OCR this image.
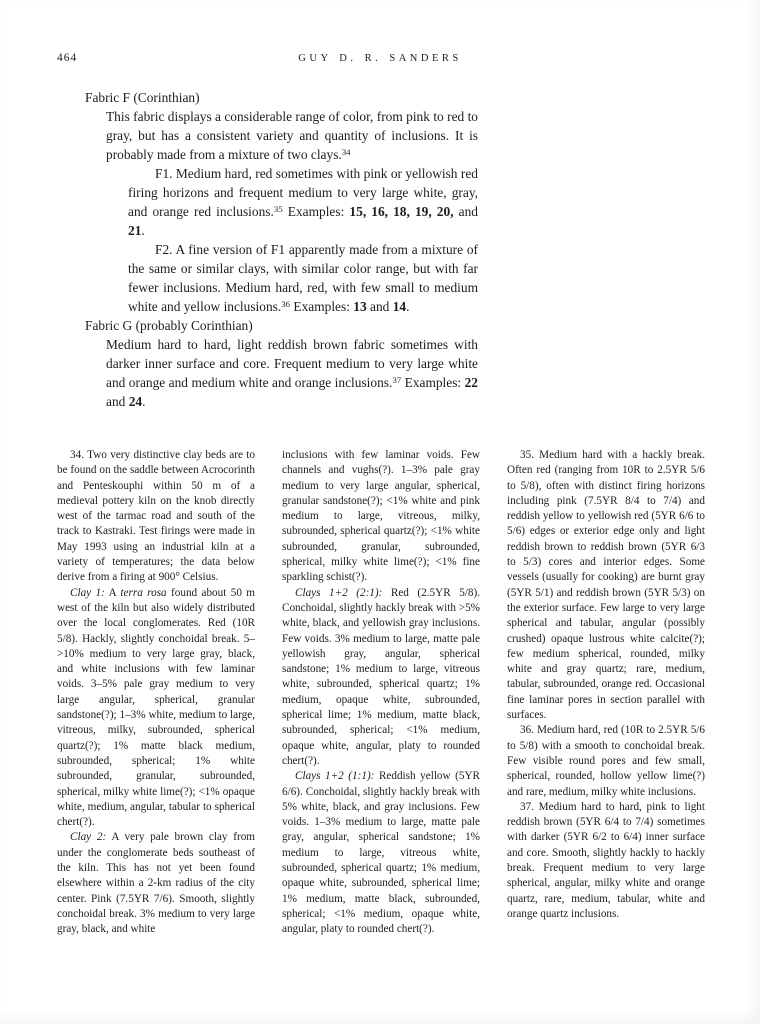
464	GUY D. R. SANDERS

Fabric F (Corinthian)

This fabric displays a considerable range of color, from pink to red to gray, but has a consistent variety and quantity of inclusions. It is probably made from a mixture of two clays.$^{34}$

F1. Medium hard, red sometimes with pink or yellowish red firing horizons and frequent medium to very large white, gray, and orange red inclusions.$^{35}$ Examples: 15, 16, 18, 19, 20, and 21.

F2. A fine version of F1 apparently made from a mixture of the same or similar clays, with similar color range, but with far fewer inclusions. Medium hard, red, with few small to medium white and yellow inclusions.$^{36}$ Examples: 13 and 14.

Fabric G (probably Corinthian)

Medium hard to hard, light reddish brown fabric sometimes with darker inner surface and core. Frequent medium to very large white and orange and medium white and orange inclusions.$^{37}$ Examples: 22 and 24.

34. Two very distinctive clay beds are to be found on the saddle between Acrocorinth and Penteskouphi within 50 m of a medieval pottery kiln on the knob directly west of the tarmac road and south of the track to Kastraki. Test firings were made in May 1993 using an industrial kiln at a variety of temperatures; the data below derive from a firing at 900° Celsius.

Clay 1: A terra rosa found about 50 m west of the kiln but also widely distributed over the local conglomerates. Red (10R 5/8). Hackly, slightly conchoidal break. 5–>10% medium to very large gray, black, and white inclusions with few laminar voids. 3–5% pale gray medium to very large angular, spherical, granular sandstone(?); 1–3% white, medium to large, vitreous, milky, subrounded, spherical quartz(?); 1% matte black medium, subrounded, spherical; 1% white subrounded, granular, subrounded, spherical, milky white lime(?); <1% opaque white, medium, angular, tabular to spherical chert(?).

Clay 2: A very pale brown clay from under the conglomerate beds southeast of the kiln. This has not yet been found elsewhere within a 2-km radius of the city center. Pink (7.5YR 7/6). Smooth, slightly conchoidal break. 3% medium to very large gray, black, and white

inclusions with few laminar voids. Few channels and vughs(?). 1–3% pale gray medium to very large angular, spherical, granular sandstone(?); <1% white and pink medium to large, vitreous, milky, subrounded, spherical quartz(?); <1% white subrounded, granular, subrounded, spherical, milky white lime(?); <1% fine sparkling schist(?).

Clays 1+2 (2:1): Red (2.5YR 5/8). Conchoidal, slightly hackly break with >5% white, black, and yellowish gray inclusions. Few voids. 3% medium to large, matte pale yellowish gray, angular, spherical sandstone; 1% medium to large, vitreous white, subrounded, spherical quartz; 1% medium, opaque white, subrounded, spherical lime; 1% medium, matte black, subrounded, spherical; <1% medium, opaque white, angular, platy to rounded chert(?).

Clays 1+2 (1:1): Reddish yellow (5YR 6/6). Conchoidal, slightly hackly break with 5% white, black, and gray inclusions. Few voids. 1–3% medium to large, matte pale gray, angular, spherical sandstone; 1% medium to large, vitreous white, subrounded, spherical quartz; 1% medium, opaque white, subrounded, spherical lime; 1% medium, matte black, subrounded, spherical; <1% medium, opaque white, angular, platy to rounded chert(?).

35. Medium hard with a hackly break. Often red (ranging from 10R to 2.5YR 5/6 to 5/8), often with distinct firing horizons including pink (7.5YR 8/4 to 7/4) and reddish yellow to yellowish red (5YR 6/6 to 5/6) edges or exterior edge only and light reddish brown to reddish brown (5YR 6/3 to 5/3) cores and interior edges. Some vessels (usually for cooking) are burnt gray (5YR 5/1) and reddish brown (5YR 5/3) on the exterior surface. Few large to very large spherical and tabular, angular (possibly crushed) opaque lustrous white calcite(?); few medium spherical, rounded, milky white and gray quartz; rare, medium, tabular, subrounded, orange red. Occasional fine laminar pores in section parallel with surfaces.

36. Medium hard, red (10R to 2.5YR 5/6 to 5/8) with a smooth to conchoidal break. Few visible round pores and few small, spherical, rounded, hollow yellow lime(?) and rare, medium, milky white inclusions.

37. Medium hard to hard, pink to light reddish brown (5YR 6/4 to 7/4) sometimes with darker (5YR 6/2 to 6/4) inner surface and core. Smooth, slightly hackly to hackly break. Frequent medium to very large spherical, angular, milky white and orange quartz, rare, medium, tabular, white and orange quartz inclusions.
